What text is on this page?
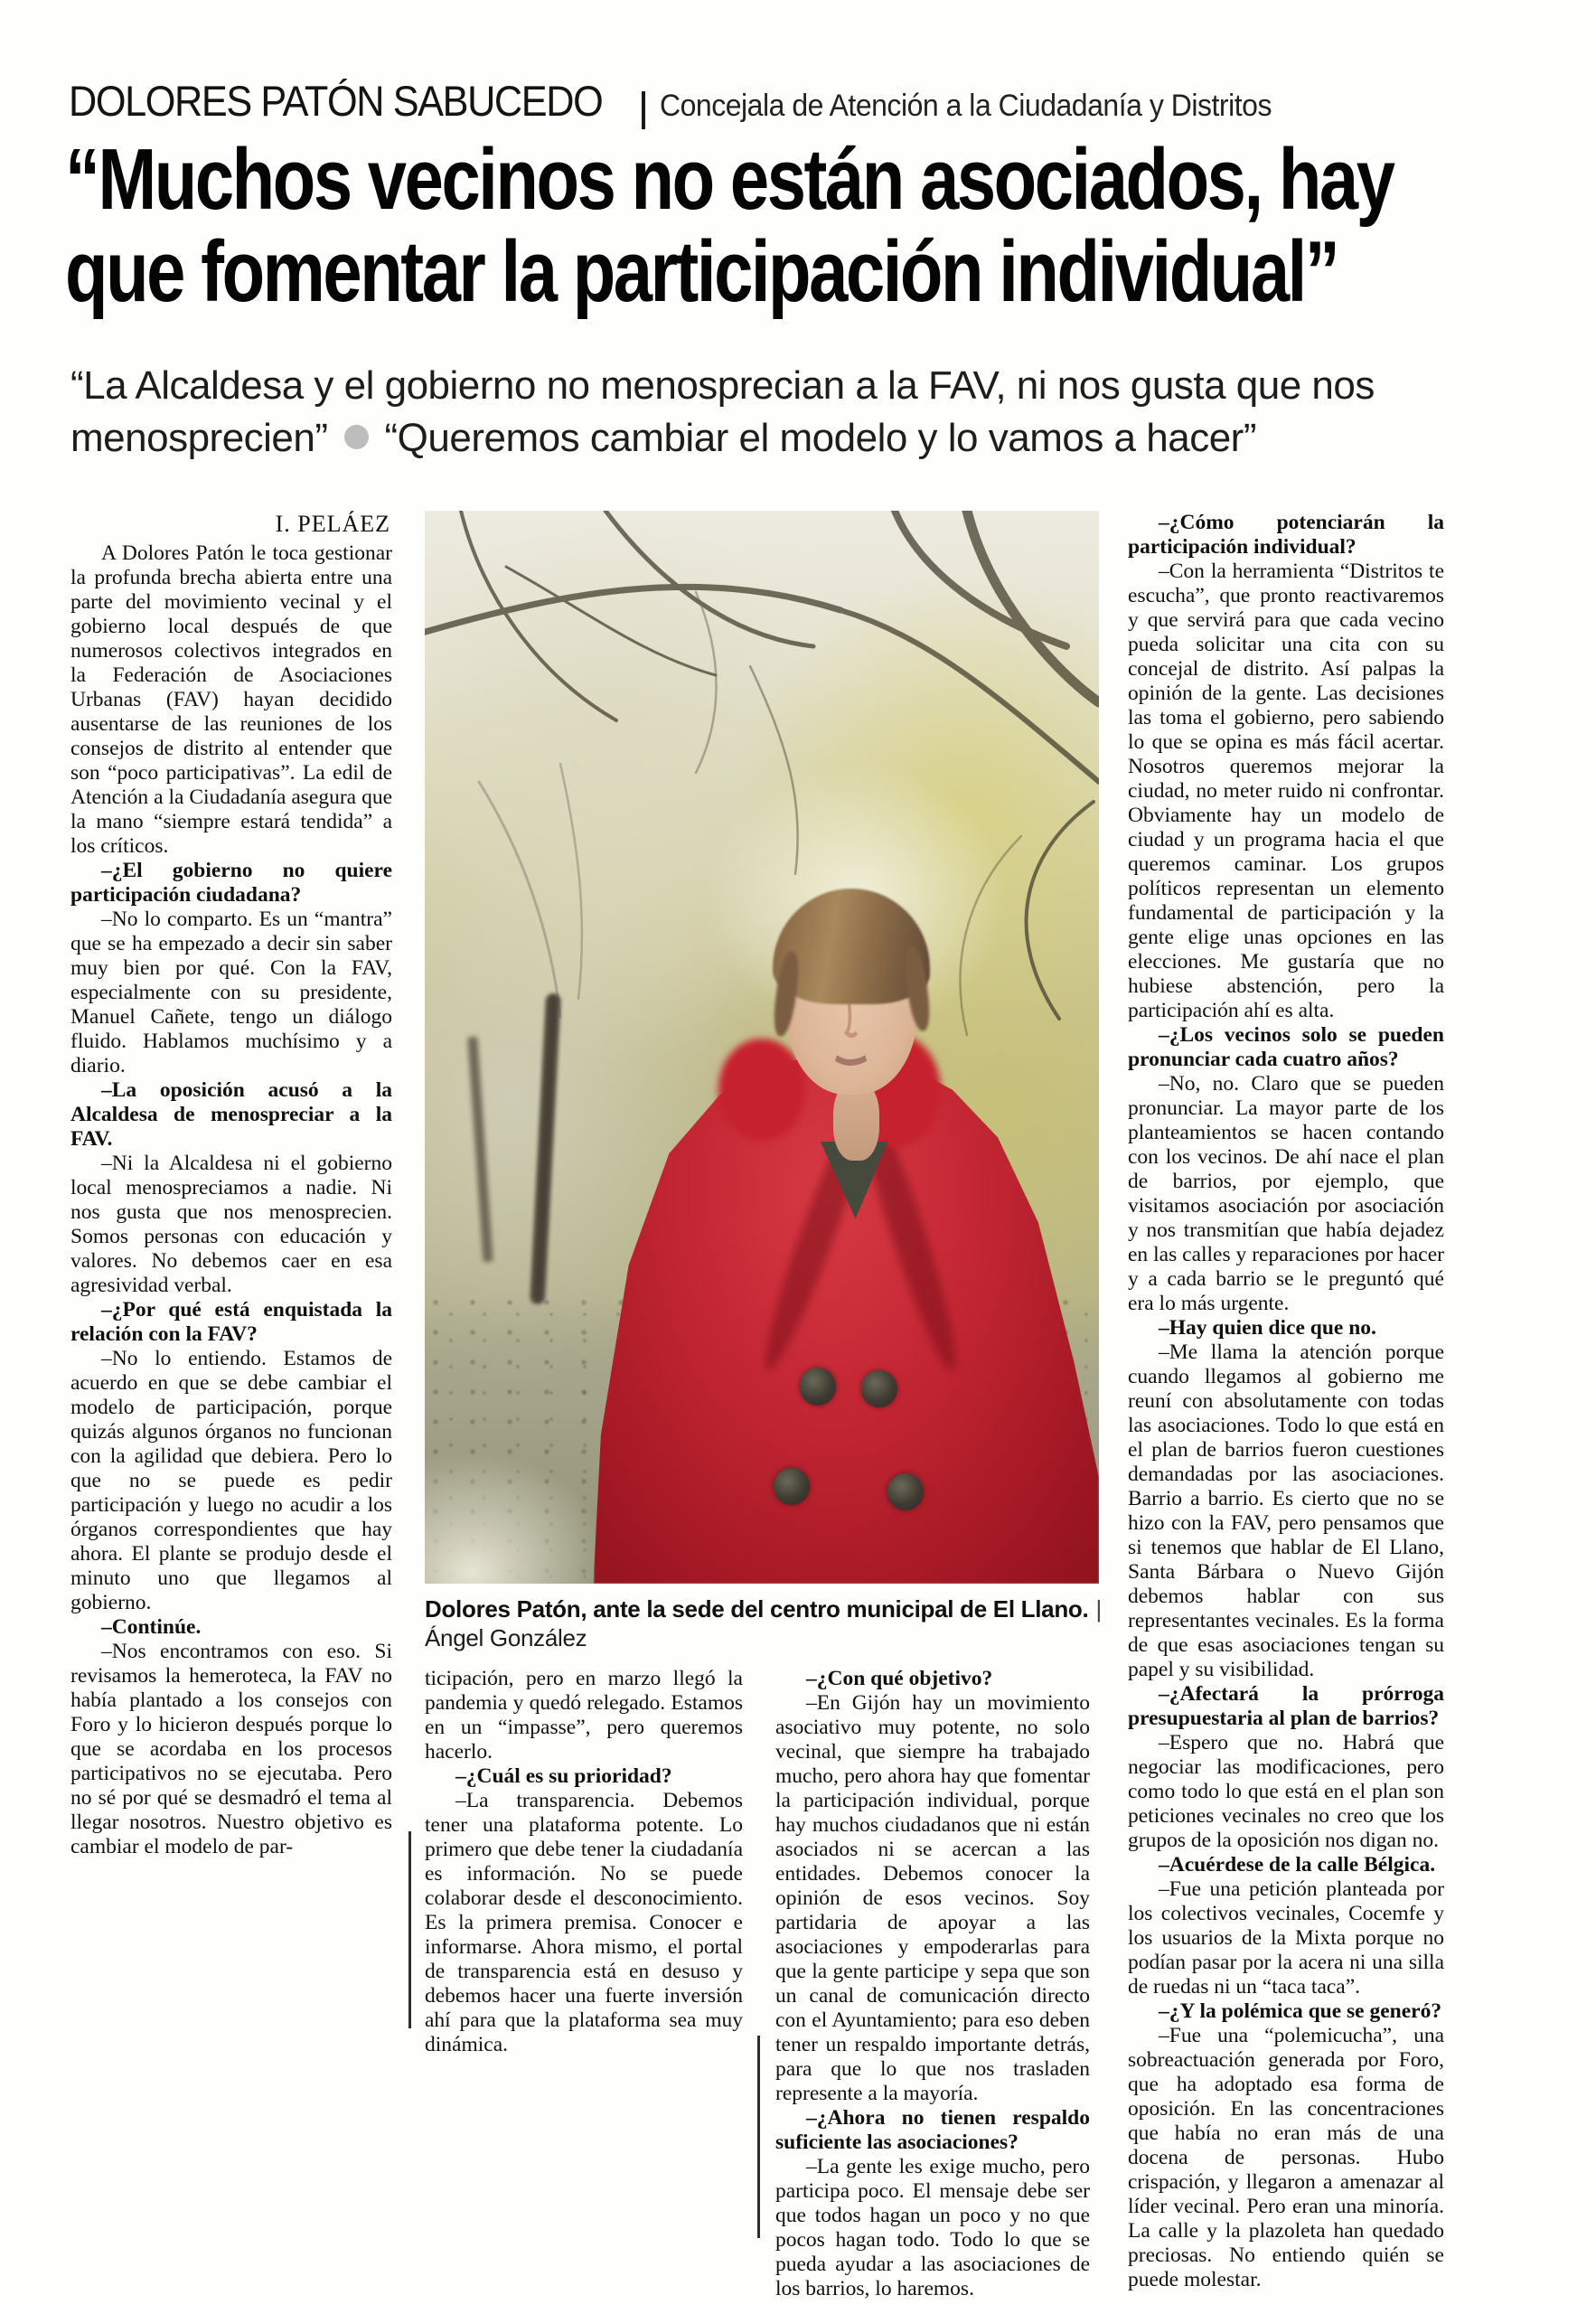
DOLORES PATÓN SABUCEDO Concejala de Atención a la Ciudadanía y Distritos
“Muchos vecinos no están asociados, hay
que fomentar la participación individual”

“La Alcaldesa y el gobierno no menosprecian a la FAV, ni nos gusta que nos menosprecien” “Queremos cambiar el modelo y lo vamos a hacer”

I. PELÁEZ

A Dolores Patón le toca gestionar la profunda brecha abierta entre una parte del movimiento vecinal y el gobierno local después de que numerosos colectivos integrados en la Federación de Asociaciones Urbanas (FAV) hayan decidido ausentarse de las reuniones de los consejos de distrito al entender que son “poco participativas”. La edil de Atención a la Ciudadanía asegura que la mano “siempre estará tendida” a los críticos.

–¿El gobierno no quiere participación ciudadana?

–No lo comparto. Es un “mantra” que se ha empezado a decir sin saber muy bien por qué. Con la FAV, especialmente con su presidente, Manuel Cañete, tengo un diálogo fluido. Hablamos muchísimo y a diario.

–La oposición acusó a la Alcaldesa de menospreciar a la FAV.

–Ni la Alcaldesa ni el gobierno local menospreciamos a nadie. Ni nos gusta que nos menosprecien. Somos personas con educación y valores. No debemos caer en esa agresividad verbal.

–¿Por qué está enquistada la relación con la FAV?

–No lo entiendo. Estamos de acuerdo en que se debe cambiar el modelo de participación, porque quizás algunos órganos no funcionan con la agilidad que debiera. Pero lo que no se puede es pedir participación y luego no acudir a los órganos correspondientes que hay ahora. El plante se produjo desde el minuto uno que llegamos al gobierno.

–Continúe.

–Nos encontramos con eso. Si revisamos la hemeroteca, la FAV no había plantado a los consejos con Foro y lo hicieron después porque lo que se acordaba en los procesos participativos no se ejecutaba. Pero no sé por qué se desmadró el tema al llegar nosotros. Nuestro objetivo es cambiar el modelo de par-

Dolores Patón, ante la sede del centro municipal de El Llano. |Ángel González

ticipación, pero en marzo llegó la pandemia y quedó relegado. Estamos en un “impasse”, pero queremos hacerlo.

–¿Cuál es su prioridad?

–La transparencia. Debemos tener una plataforma potente. Lo primero que debe tener la ciudadanía es información. No se puede colaborar desde el desconocimiento. Es la primera premisa. Conocer e informarse. Ahora mismo, el portal de transparencia está en desuso y debemos hacer una fuerte inversión ahí para que la plataforma sea muy dinámica.

–¿Con qué objetivo?

–En Gijón hay un movimiento asociativo muy potente, no solo vecinal, que siempre ha trabajado mucho, pero ahora hay que fomentar la participación individual, porque hay muchos ciudadanos que ni están asociados ni se acercan a las entidades. Debemos conocer la opinión de esos vecinos. Soy partidaria de apoyar a las asociaciones y empoderarlas para que la gente participe y sepa que son un canal de comunicación directo con el Ayuntamiento; para eso deben tener un respaldo importante detrás, para que lo que nos trasladen represente a la mayoría.

–¿Ahora no tienen respaldo suficiente las asociaciones?

–La gente les exige mucho, pero participa poco. El mensaje debe ser que todos hagan un poco y no que pocos hagan todo. Todo lo que se pueda ayudar a las asociaciones de los barrios, lo haremos.

–¿Cómo potenciarán la participación individual?

–Con la herramienta “Distritos te escucha”, que pronto reactivaremos y que servirá para que cada vecino pueda solicitar una cita con su concejal de distrito. Así palpas la opinión de la gente. Las decisiones las toma el gobierno, pero sabiendo lo que se opina es más fácil acertar. Nosotros queremos mejorar la ciudad, no meter ruido ni confrontar. Obviamente hay un modelo de ciudad y un programa hacia el que queremos caminar. Los grupos políticos representan un elemento fundamental de participación y la gente elige unas opciones en las elecciones. Me gustaría que no hubiese abstención, pero la participación ahí es alta.

–¿Los vecinos solo se pueden pronunciar cada cuatro años?

–No, no. Claro que se pueden pronunciar. La mayor parte de los planteamientos se hacen contando con los vecinos. De ahí nace el plan de barrios, por ejemplo, que visitamos asociación por asociación y nos transmitían que había dejadez en las calles y reparaciones por hacer y a cada barrio se le preguntó qué era lo más urgente.

–Hay quien dice que no.

–Me llama la atención porque cuando llegamos al gobierno me reuní con absolutamente con todas las asociaciones. Todo lo que está en el plan de barrios fueron cuestiones demandadas por las asociaciones. Barrio a barrio. Es cierto que no se hizo con la FAV, pero pensamos que si tenemos que hablar de El Llano, Santa Bárbara o Nuevo Gijón debemos hablar con sus representantes vecinales. Es la forma de que esas asociaciones tengan su papel y su visibilidad.

–¿Afectará la prórroga presupuestaria al plan de barrios?

–Espero que no. Habrá que negociar las modificaciones, pero como todo lo que está en el plan son peticiones vecinales no creo que los grupos de la oposición nos digan no.

–Acuérdese de la calle Bélgica.

–Fue una petición planteada por los colectivos vecinales, Cocemfe y los usuarios de la Mixta porque no podían pasar por la acera ni una silla de ruedas ni un “taca taca”.

–¿Y la polémica que se generó?

–Fue una “polemicucha”, una sobreactuación generada por Foro, que ha adoptado esa forma de oposición. En las concentraciones que había no eran más de una docena de personas. Hubo crispación, y llegaron a amenazar al líder vecinal. Pero eran una minoría. La calle y la plazoleta han quedado preciosas. No entiendo quién se puede molestar.
